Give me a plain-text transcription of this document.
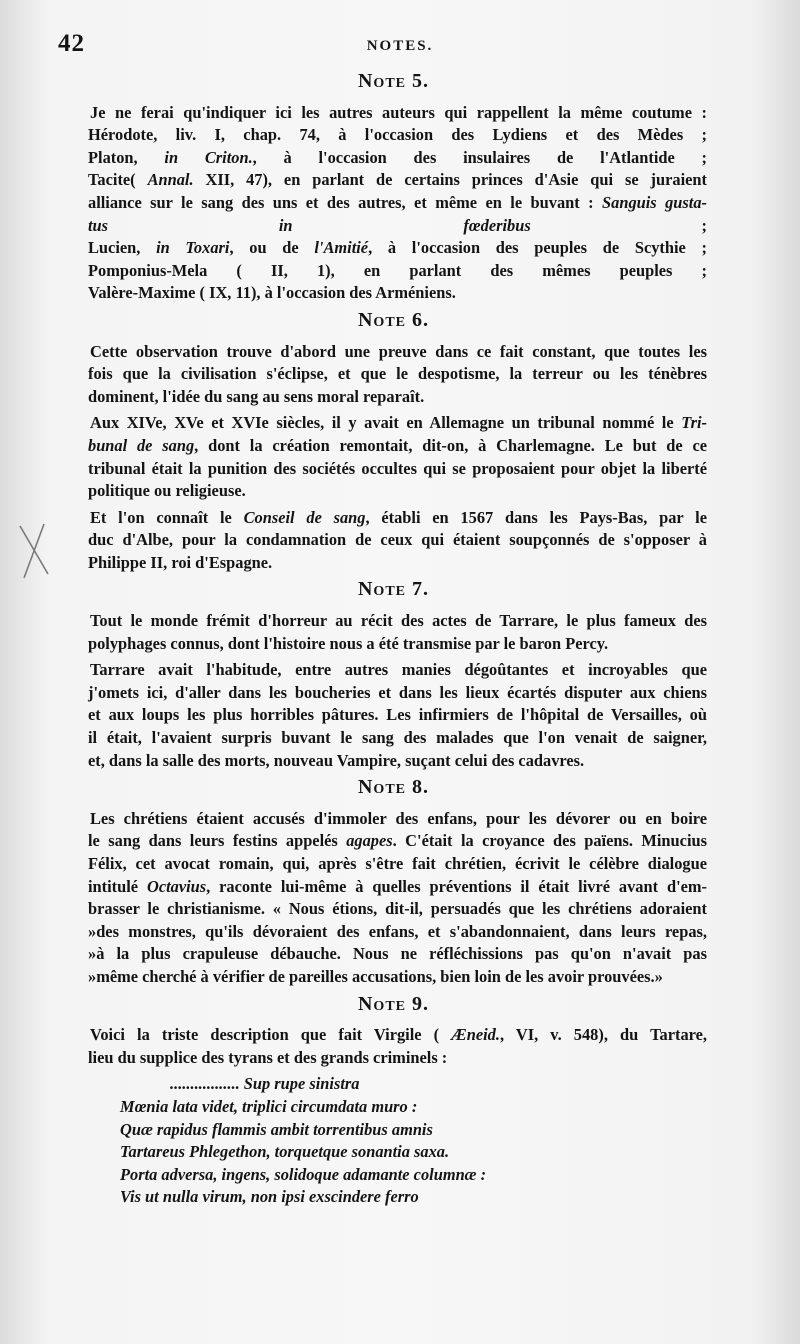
42	NOTES.
Note 5.
Je ne ferai qu'indiquer ici les autres auteurs qui rappellent la même coutume :
Hérodote, liv. I, chap. 74, à l'occasion des Lydiens et des Mèdes ;
Platon, in Criton., à l'occasion des insulaires de l'Atlantide ;
Tacite( Annal. XII, 47), en parlant de certains princes d'Asie qui se juraient
alliance sur le sang des uns et des autres, et même en le buvant : Sanguis gusta-
tus in fœderibus ;
Lucien, in Toxari, ou de l'Amitié, à l'occasion des peuples de Scythie ;
Pomponius-Mela ( II, 1), en parlant des mêmes peuples ;
Valère-Maxime ( IX, 11), à l'occasion des Arméniens.
Note 6.
Cette observation trouve d'abord une preuve dans ce fait constant, que toutes les
fois que la civilisation s'éclipse, et que le despotisme, la terreur ou les ténèbres
dominent, l'idée du sang au sens moral reparaît.
Aux XIVe, XVe et XVIe siècles, il y avait en Allemagne un tribunal nommé le Tri-
bunal de sang, dont la création remontait, dit-on, à Charlemagne. Le but de ce
tribunal était la punition des sociétés occultes qui se proposaient pour objet la liberté
politique ou religieuse.
Et l'on connaît le Conseil de sang, établi en 1567 dans les Pays-Bas, par le
duc d'Albe, pour la condamnation de ceux qui étaient soupçonnés de s'opposer à
Philippe II, roi d'Espagne.
Note 7.
Tout le monde frémit d'horreur au récit des actes de Tarrare, le plus fameux des
polyphages connus, dont l'histoire nous a été transmise par le baron Percy.
Tarrare avait l'habitude, entre autres manies dégoûtantes et incroyables que
j'omets ici, d'aller dans les boucheries et dans les lieux écartés disputer aux chiens
et aux loups les plus horribles pâtures. Les infirmiers de l'hôpital de Versailles, où
il était, l'avaient surpris buvant le sang des malades que l'on venait de saigner,
et, dans la salle des morts, nouveau Vampire, suçant celui des cadavres.
Note 8.
Les chrétiens étaient accusés d'immoler des enfans, pour les dévorer ou en boire
le sang dans leurs festins appelés agapes. C'était la croyance des païens. Minucius
Félix, cet avocat romain, qui, après s'être fait chrétien, écrivit le célèbre dialogue
intitulé Octavius, raconte lui-même à quelles préventions il était livré avant d'em-
brasser le christianisme. « Nous étions, dit-il, persuadés que les chrétiens adoraient
»des monstres, qu'ils dévoraient des enfans, et s'abandonnaient, dans leurs repas,
»à la plus crapuleuse débauche. Nous ne réfléchissions pas qu'on n'avait pas
»même cherché à vérifier de pareilles accusations, bien loin de les avoir prouvées.»
Note 9.
Voici la triste description que fait Virgile ( Æneid., VI, v. 548), du Tartare,
lieu du supplice des tyrans et des grands criminels :
................. Sup rupe sinistra
Mœnia lata videt, triplici circumdata muro :
Quæ rapidus flammis ambit torrentibus amnis
Tartareus Phlegethon, torquetque sonantia saxa.
Porta adversa, ingens, solidoque adamante columnæ :
Vis ut nulla virum, non ipsi exscindere ferro
